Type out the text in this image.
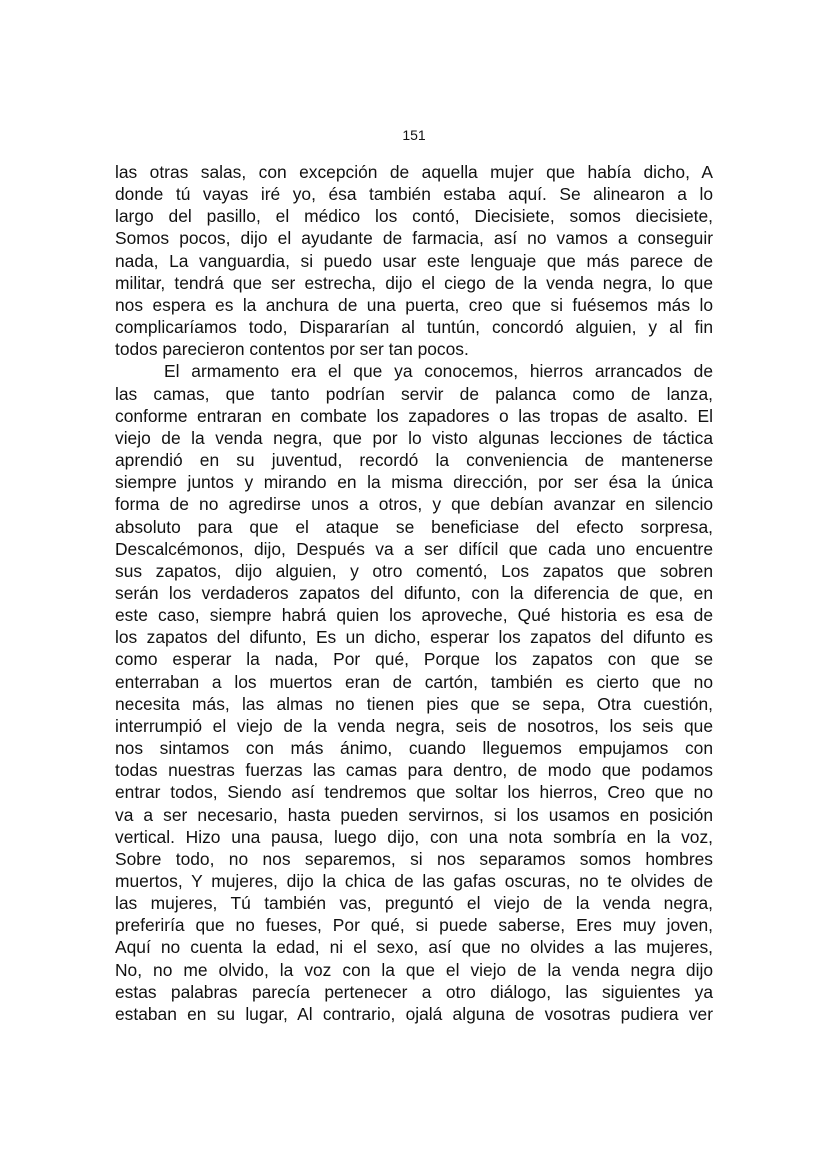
151
las otras salas, con excepción de aquella mujer que había dicho, A
donde tú vayas iré yo, ésa también estaba aquí. Se alinearon a lo
largo del pasillo, el médico los contó, Diecisiete, somos diecisiete,
Somos pocos, dijo el ayudante de farmacia, así no vamos a conseguir
nada, La vanguardia, si puedo usar este lenguaje que más parece de
militar, tendrá que ser estrecha, dijo el ciego de la venda negra, lo que
nos espera es la anchura de una puerta, creo que si fuésemos más lo
complicaríamos todo, Dispararían al tuntún, concordó alguien, y al fin
todos parecieron contentos por ser tan pocos.
El armamento era el que ya conocemos, hierros arrancados de
las camas, que tanto podrían servir de palanca como de lanza,
conforme entraran en combate los zapadores o las tropas de asalto. El
viejo de la venda negra, que por lo visto algunas lecciones de táctica
aprendió en su juventud, recordó la conveniencia de mantenerse
siempre juntos y mirando en la misma dirección, por ser ésa la única
forma de no agredirse unos a otros, y que debían avanzar en silencio
absoluto para que el ataque se beneficiase del efecto sorpresa,
Descalcémonos, dijo, Después va a ser difícil que cada uno encuentre
sus zapatos, dijo alguien, y otro comentó, Los zapatos que sobren
serán los verdaderos zapatos del difunto, con la diferencia de que, en
este caso, siempre habrá quien los aproveche, Qué historia es esa de
los zapatos del difunto, Es un dicho, esperar los zapatos del difunto es
como esperar la nada, Por qué, Porque los zapatos con que se
enterraban a los muertos eran de cartón, también es cierto que no
necesita más, las almas no tienen pies que se sepa, Otra cuestión,
interrumpió el viejo de la venda negra, seis de nosotros, los seis que
nos sintamos con más ánimo, cuando lleguemos empujamos con
todas nuestras fuerzas las camas para dentro, de modo que podamos
entrar todos, Siendo así tendremos que soltar los hierros, Creo que no
va a ser necesario, hasta pueden servirnos, si los usamos en posición
vertical. Hizo una pausa, luego dijo, con una nota sombría en la voz,
Sobre todo, no nos separemos, si nos separamos somos hombres
muertos, Y mujeres, dijo la chica de las gafas oscuras, no te olvides de
las mujeres, Tú también vas, preguntó el viejo de la venda negra,
preferiría que no fueses, Por qué, si puede saberse, Eres muy joven,
Aquí no cuenta la edad, ni el sexo, así que no olvides a las mujeres,
No, no me olvido, la voz con la que el viejo de la venda negra dijo
estas palabras parecía pertenecer a otro diálogo, las siguientes ya
estaban en su lugar, Al contrario, ojalá alguna de vosotras pudiera ver
